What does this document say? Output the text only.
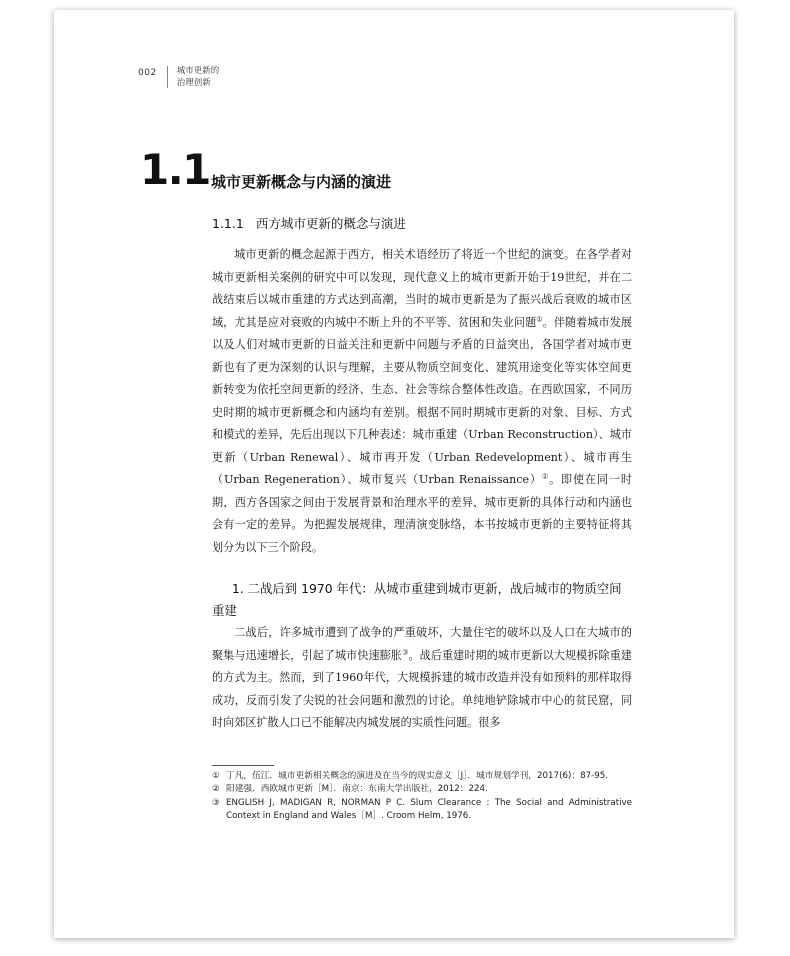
002 城市更新的
治理创新
1.1 城市更新概念与内涵的演进
1.1.1 西方城市更新的概念与演进

城市更新的概念起源于西方，相关术语经历了将近一个世纪的演变。在各学者对城市更新相关案例的研究中可以发现，现代意义上的城市更新开始于19世纪，并在二战结束后以城市重建的方式达到高潮，当时的城市更新是为了振兴战后衰败的城市区域，尤其是应对衰败的内城中不断上升的不平等、贫困和失业问题①。伴随着城市发展以及人们对城市更新的日益关注和更新中问题与矛盾的日益突出，各国学者对城市更新也有了更为深刻的认识与理解，主要从物质空间变化、建筑用途变化等实体空间更新转变为依托空间更新的经济、生态、社会等综合整体性改造。在西欧国家，不同历史时期的城市更新概念和内涵均有差别。根据不同时期城市更新的对象、目标、方式和模式的差异，先后出现以下几种表述：城市重建（Urban Reconstruction）、城市更新（Urban Renewal）、城市再开发（Urban Redevelopment）、城市再生（Urban Regeneration）、城市复兴（Urban Renaissance）②。即使在同一时期，西方各国家之间由于发展背景和治理水平的差异，城市更新的具体行动和内涵也会有一定的差异。为把握发展规律，理清演变脉络，本书按城市更新的主要特征将其划分为以下三个阶段。

1. 二战后到 1970 年代：从城市重建到城市更新，战后城市的物质空间重建

二战后，许多城市遭到了战争的严重破坏，大量住宅的破坏以及人口在大城市的聚集与迅速增长，引起了城市快速膨胀③。战后重建时期的城市更新以大规模拆除重建的方式为主。然而，到了1960年代，大规模拆建的城市改造并没有如预料的那样取得成功，反而引发了尖锐的社会问题和激烈的讨论。单纯地铲除城市中心的贫民窟，同时向郊区扩散人口已不能解决内城发展的实质性问题。很多

① 丁凡，伍江．城市更新相关概念的演进及在当今的现实意义［J］．城市规划学刊，2017(6)：87-95.
② 阳建强．西欧城市更新［M］．南京：东南大学出版社，2012：224.
③ ENGLISH J, MADIGAN R, NORMAN P C. Slum Clearance : The Social and Administrative Context in England and Wales［M］. Croom Helm, 1976.
